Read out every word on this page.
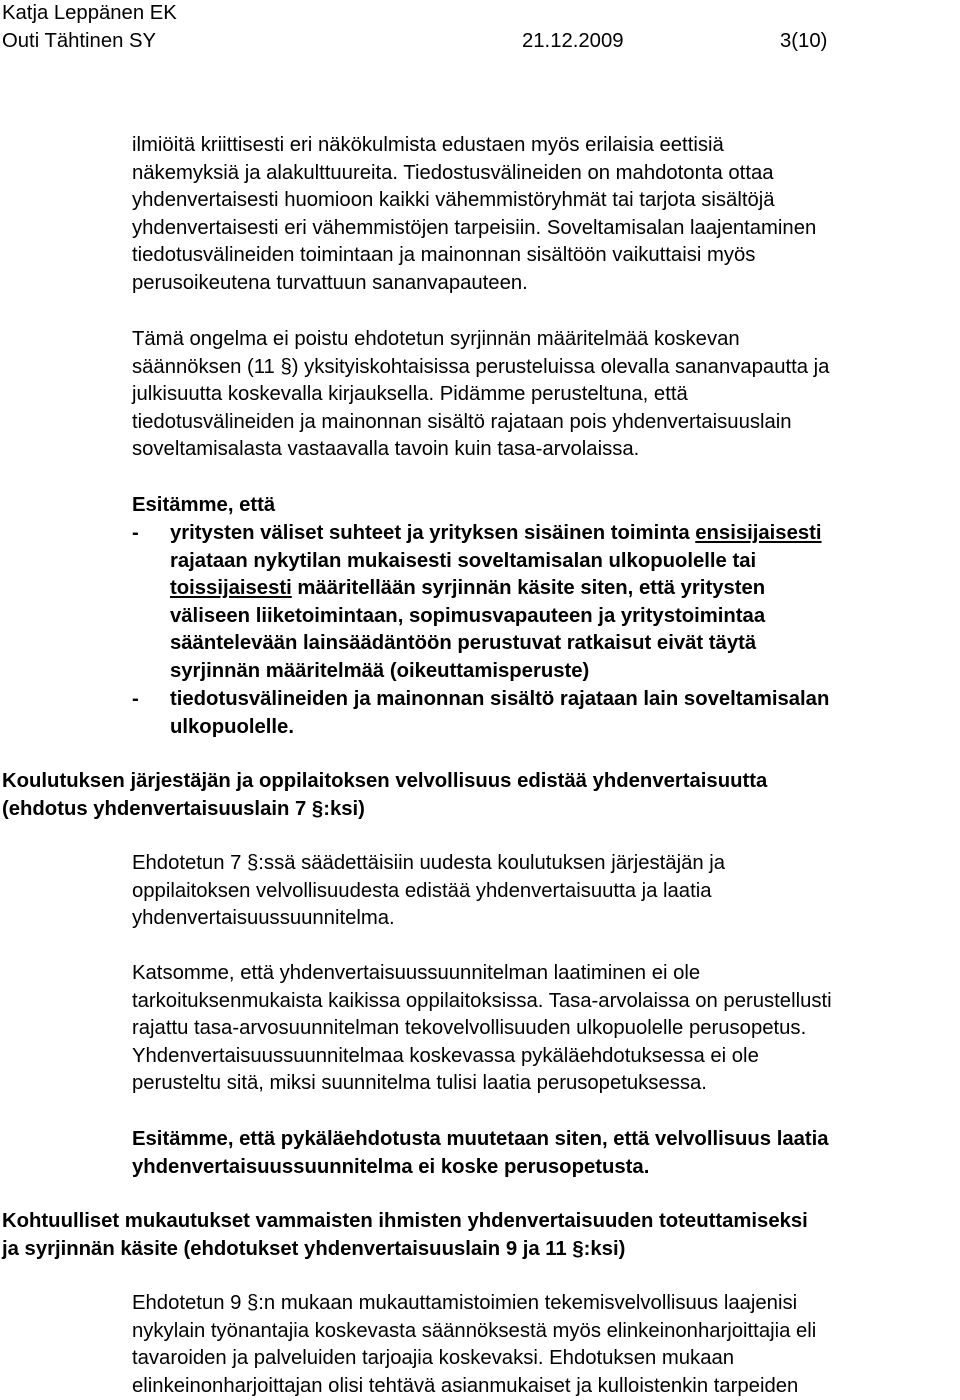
Katja Leppänen EK
Outi Tähtinen SY	21.12.2009	3(10)
ilmiöitä kriittisesti eri näkökulmista edustaen myös erilaisia eettisiä
näkemyksiä ja alakulttuureita. Tiedostusvälineiden on mahdotonta ottaa
yhdenvertaisesti huomioon kaikki vähemmistöryhmät tai tarjota sisältöjä
yhdenvertaisesti eri vähemmistöjen tarpeisiin. Soveltamisalan laajentaminen
tiedotusvälineiden toimintaan ja mainonnan sisältöön vaikuttaisi myös
perusoikeutena turvattuun sananvapauteen.
Tämä ongelma ei poistu ehdotetun syrjinnän määritelmää koskevan
säännöksen (11 §) yksityiskohtaisissa perusteluissa olevalla sananvapautta ja
julkisuutta koskevalla kirjauksella. Pidämme perusteltuna, että
tiedotusvälineiden ja mainonnan sisältö rajataan pois yhdenvertaisuuslain
soveltamisalasta vastaavalla tavoin kuin tasa-arvolaissa.
Esitämme, että
- yritysten väliset suhteet ja yrityksen sisäinen toiminta ensisijaisesti
rajataan nykytilan mukaisesti soveltamisalan ulkopuolelle tai
toissijaisesti määritellään syrjinnän käsite siten, että yritysten
väliseen liiketoimintaan, sopimusvapauteen ja yritystoimintaa
sääntelevään lainsäädäntöön perustuvat ratkaisut eivät täytä
syrjinnän määritelmää (oikeuttamisperuste)
- tiedotusvälineiden ja mainonnan sisältö rajataan lain soveltamisalan
ulkopuolelle.
Koulutuksen järjestäjän ja oppilaitoksen velvollisuus edistää yhdenvertaisuutta
(ehdotus yhdenvertaisuuslain 7 §:ksi)
Ehdotetun 7 §:ssä säädettäisiin uudesta koulutuksen järjestäjän ja
oppilaitoksen velvollisuudesta edistää yhdenvertaisuutta ja laatia
yhdenvertaisuussuunnitelma.
Katsomme, että yhdenvertaisuussuunnitelman laatiminen ei ole
tarkoituksenmukaista kaikissa oppilaitoksissa. Tasa-arvolaissa on perustellusti
rajattu tasa-arvosuunnitelman tekovelvollisuuden ulkopuolelle perusopetus.
Yhdenvertaisuussuunnitelmaa koskevassa pykäläehdotuksessa ei ole
perusteltu sitä, miksi suunnitelma tulisi laatia perusopetuksessa.
Esitämme, että pykäläehdotusta muutetaan siten, että velvollisuus laatia
yhdenvertaisuussuunnitelma ei koske perusopetusta.
Kohtuulliset mukautukset vammaisten ihmisten yhdenvertaisuuden toteuttamiseksi
ja syrjinnän käsite (ehdotukset yhdenvertaisuuslain 9 ja 11 §:ksi)
Ehdotetun 9 §:n mukaan mukauttamistoimien tekemisvelvollisuus laajenisi
nykylain työnantajia koskevasta säännöksestä myös elinkeinonharjoittajia eli
tavaroiden ja palveluiden tarjoajia koskevaksi. Ehdotuksen mukaan
elinkeinonharjoittajan olisi tehtävä asianmukaiset ja kulloistenkin tarpeiden
